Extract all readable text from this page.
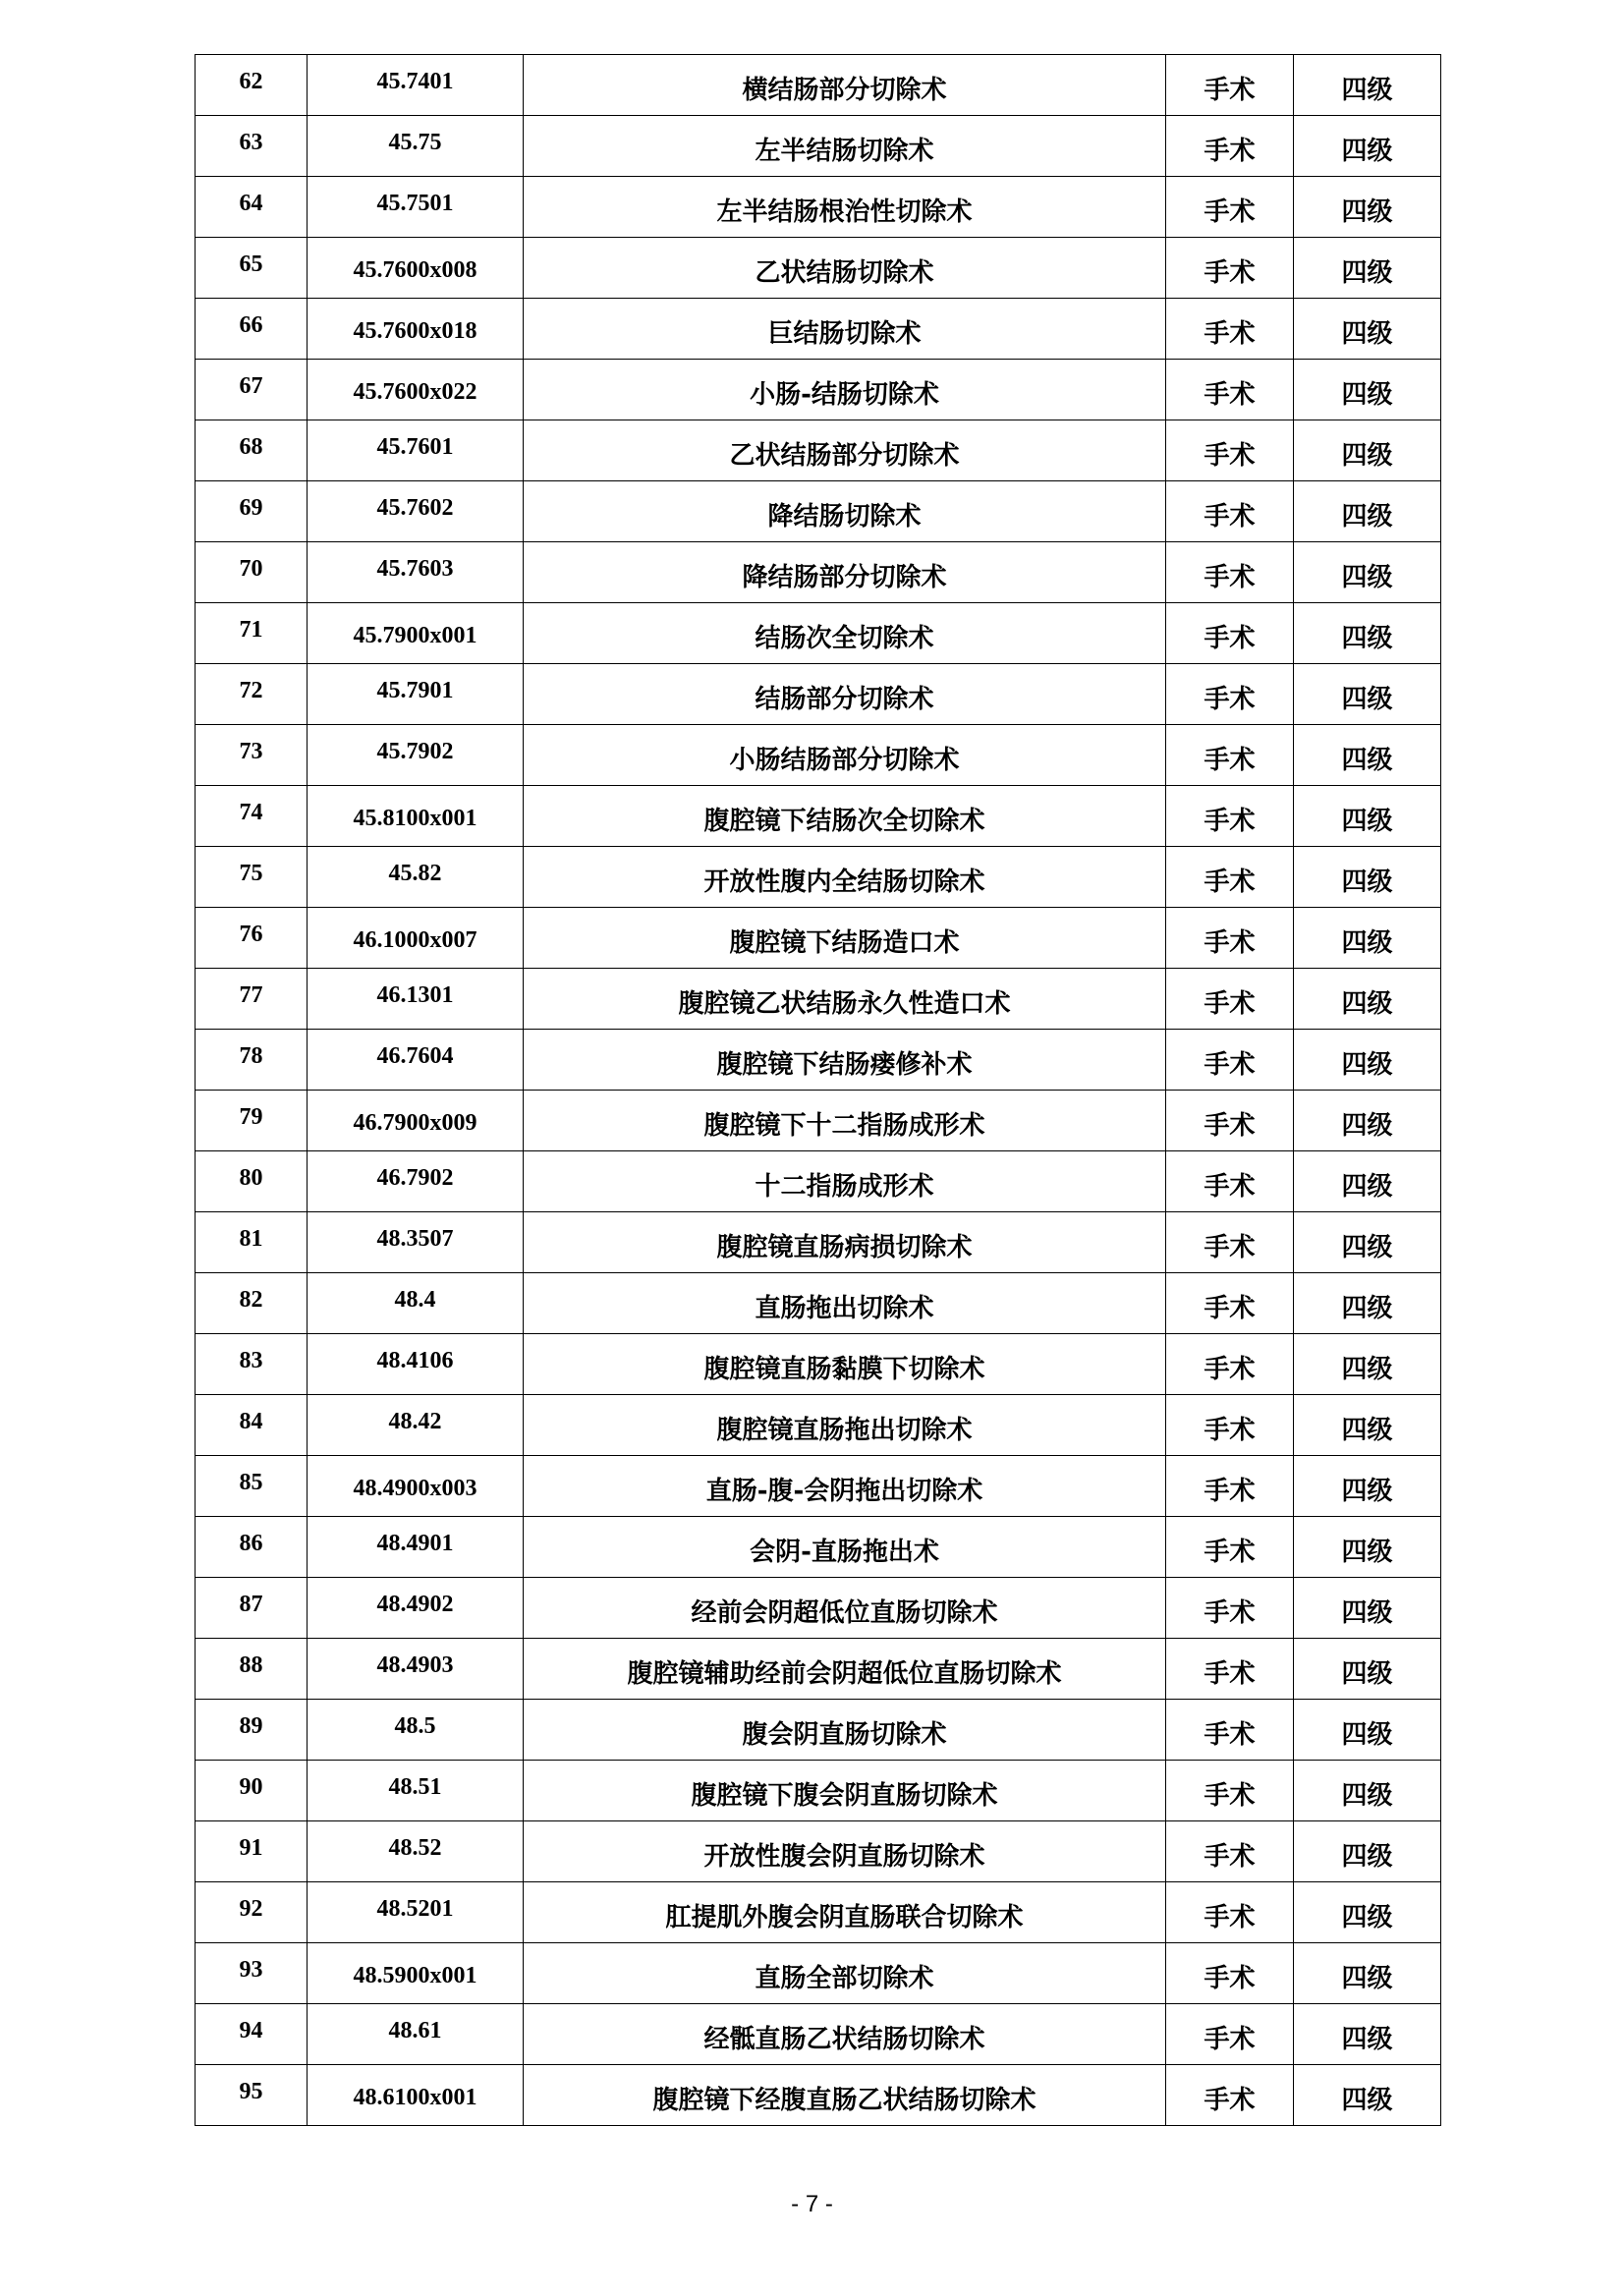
62	45.7401	横结肠部分切除术	手术	四级
63	45.75	左半结肠切除术	手术	四级
64	45.7501	左半结肠根治性切除术	手术	四级
65	45.7600x008	乙状结肠切除术	手术	四级
66	45.7600x018	巨结肠切除术	手术	四级
67	45.7600x022	小肠-结肠切除术	手术	四级
68	45.7601	乙状结肠部分切除术	手术	四级
69	45.7602	降结肠切除术	手术	四级
70	45.7603	降结肠部分切除术	手术	四级
71	45.7900x001	结肠次全切除术	手术	四级
72	45.7901	结肠部分切除术	手术	四级
73	45.7902	小肠结肠部分切除术	手术	四级
74	45.8100x001	腹腔镜下结肠次全切除术	手术	四级
75	45.82	开放性腹内全结肠切除术	手术	四级
76	46.1000x007	腹腔镜下结肠造口术	手术	四级
77	46.1301	腹腔镜乙状结肠永久性造口术	手术	四级
78	46.7604	腹腔镜下结肠瘘修补术	手术	四级
79	46.7900x009	腹腔镜下十二指肠成形术	手术	四级
80	46.7902	十二指肠成形术	手术	四级
81	48.3507	腹腔镜直肠病损切除术	手术	四级
82	48.4	直肠拖出切除术	手术	四级
83	48.4106	腹腔镜直肠黏膜下切除术	手术	四级
84	48.42	腹腔镜直肠拖出切除术	手术	四级
85	48.4900x003	直肠-腹-会阴拖出切除术	手术	四级
86	48.4901	会阴-直肠拖出术	手术	四级
87	48.4902	经前会阴超低位直肠切除术	手术	四级
88	48.4903	腹腔镜辅助经前会阴超低位直肠切除术	手术	四级
89	48.5	腹会阴直肠切除术	手术	四级
90	48.51	腹腔镜下腹会阴直肠切除术	手术	四级
91	48.52	开放性腹会阴直肠切除术	手术	四级
92	48.5201	肛提肌外腹会阴直肠联合切除术	手术	四级
93	48.5900x001	直肠全部切除术	手术	四级
94	48.61	经骶直肠乙状结肠切除术	手术	四级
95	48.6100x001	腹腔镜下经腹直肠乙状结肠切除术	手术	四级
- 7 -
